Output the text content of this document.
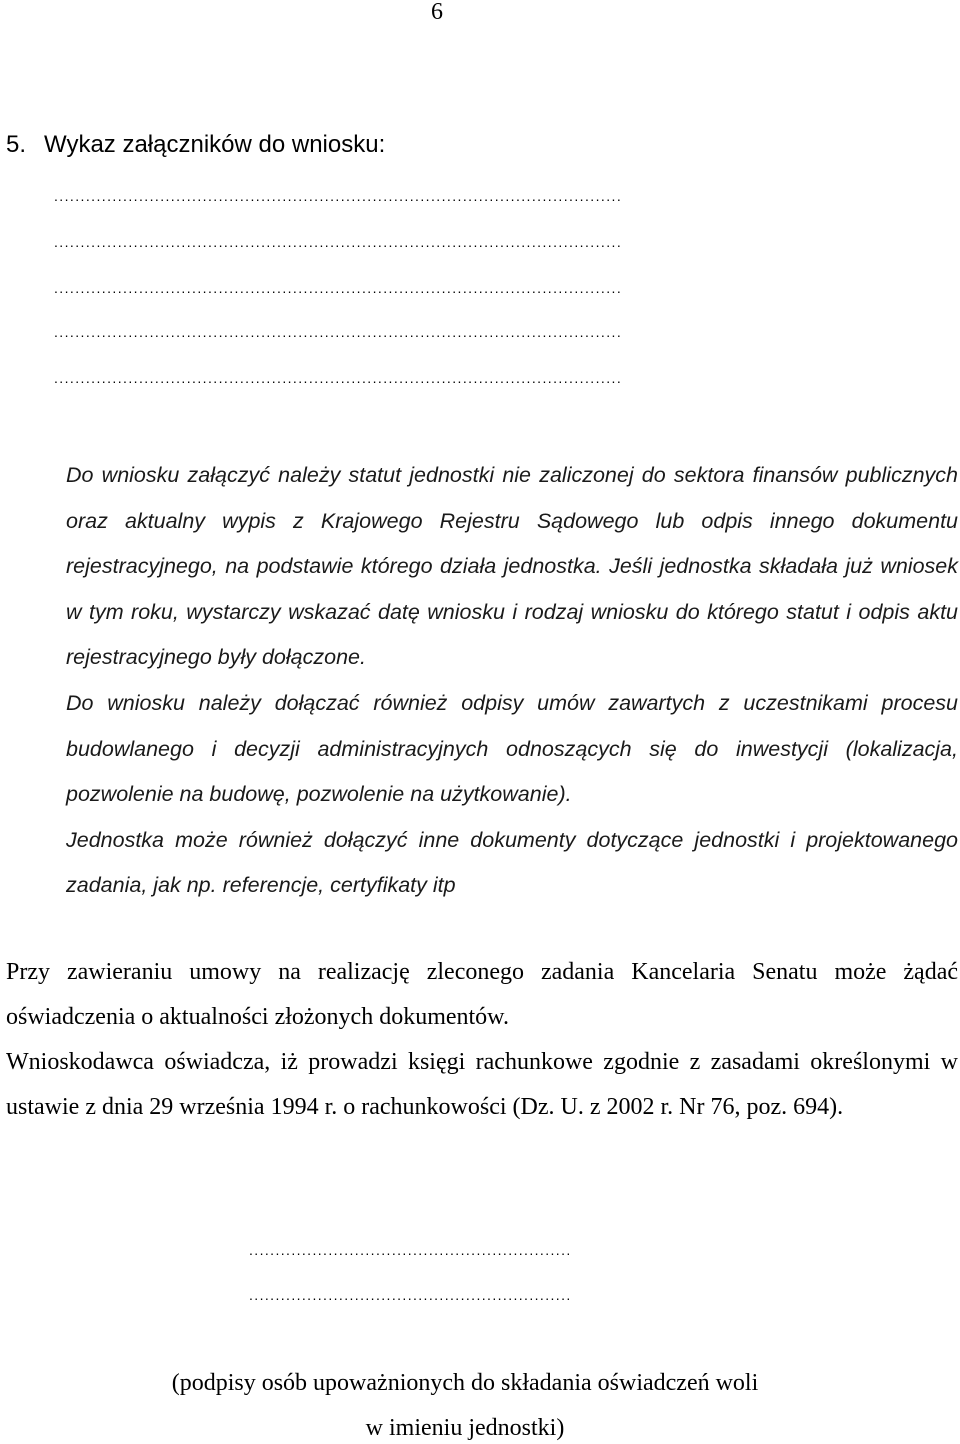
6
5. Wykaz załączników do wniosku:
...........................................................................................................
...........................................................................................................
...........................................................................................................
...........................................................................................................
...........................................................................................................

Do wniosku załączyć należy statut jednostki nie zaliczonej do sektora finansów publicznych oraz aktualny wypis z Krajowego Rejestru Sądowego lub odpis innego dokumentu rejestracyjnego, na podstawie którego działa jednostka. Jeśli jednostka składała już wniosek w tym roku, wystarczy wskazać datę wniosku i rodzaj wniosku do którego statut i odpis aktu rejestracyjnego były dołączone.

Do wniosku należy dołączać również odpisy umów zawartych z uczestnikami procesu budowlanego i decyzji administracyjnych odnoszących się do inwestycji (lokalizacja, pozwolenie na budowę, pozwolenie na użytkowanie).

Jednostka może również dołączyć inne dokumenty dotyczące jednostki i projektowanego zadania, jak np. referencje, certyfikaty itp

Przy zawieraniu umowy na realizację zleconego zadania Kancelaria Senatu może żądać oświadczenia o aktualności złożonych dokumentów.

Wnioskodawca oświadcza, iż prowadzi księgi rachunkowe zgodnie z zasadami określonymi w ustawie z dnia 29 września 1994 r. o rachunkowości (Dz. U. z 2002 r. Nr 76, poz. 694).

.............................................................
.............................................................
(podpisy osób upoważnionych do składania oświadczeń woli
w imieniu jednostki)
